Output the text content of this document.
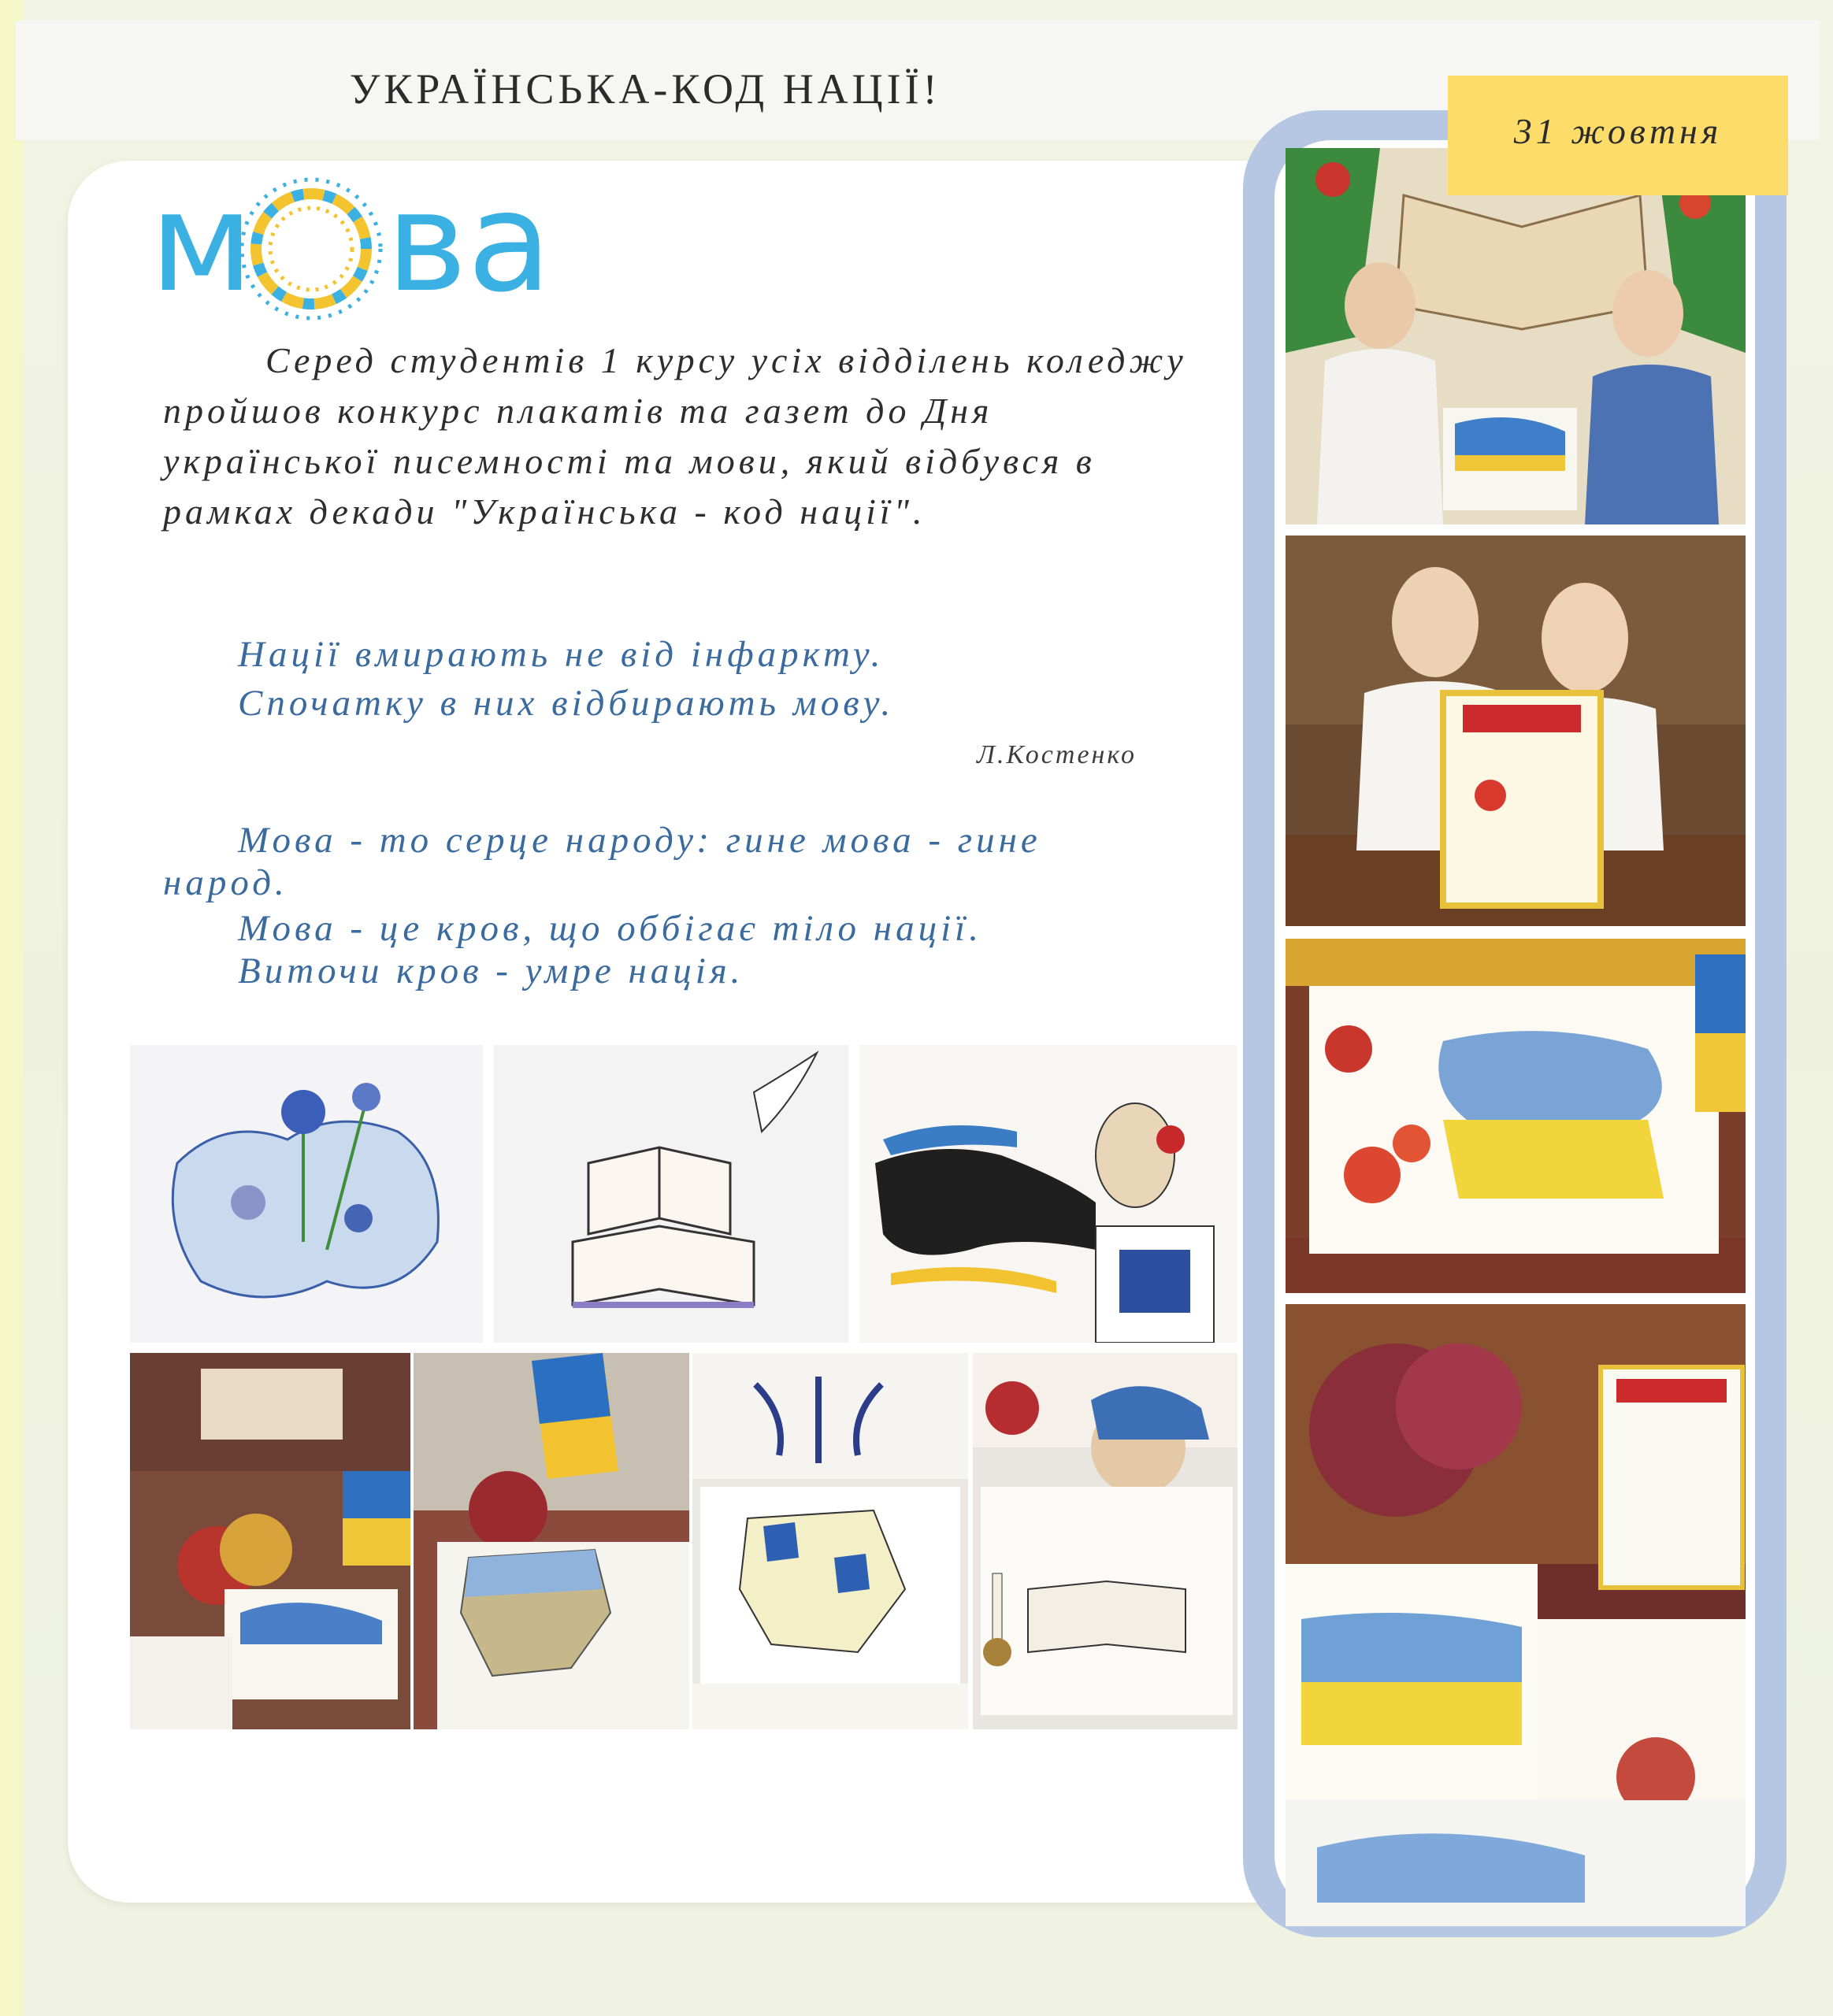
УКРАЇНСЬКА-КОД НАЦІЇ!
м ва

Серед студентів 1 курсу усіх відділень коледжу пройшов конкурс плакатів та газет до Дня української писемності та мови, який відбувся в рамках декади "Українська - код нації".

Нації вмирають не від інфаркту.

Спочатку в них відбирають мову.

Л.Костенко

Мова - то серце народу: гине мова - гине

народ.

Мова - це кров, що оббігає тіло нації.

Виточи кров - умре нація.

31 жовтня
